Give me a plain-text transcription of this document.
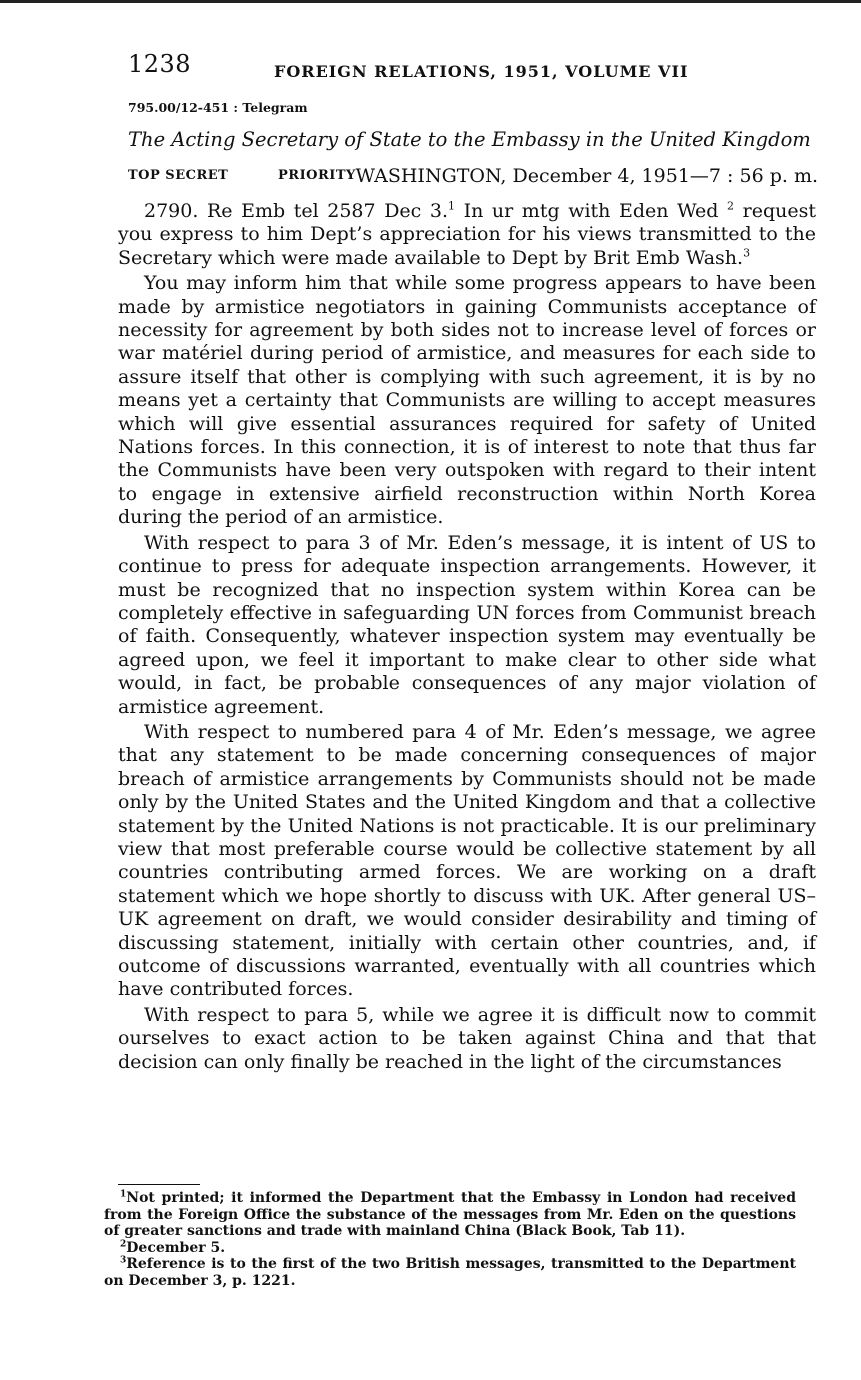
1238	FOREIGN RELATIONS, 1951, VOLUME VII
795.00/12-451 : Telegram
The Acting Secretary of State to the Embassy in the United Kingdom
TOP SECRET	PRIORITY WASHINGTON, December 4, 1951—7 : 56 p. m.

2790. Re Emb tel 2587 Dec 3.$^1$ In ur mtg with Eden Wed $^2$ request you express to him Dept’s appreciation for his views transmitted to the Secretary which were made available to Dept by Brit Emb Wash.$^3$

You may inform him that while some progress appears to have been made by armistice negotiators in gaining Communists acceptance of necessity for agreement by both sides not to increase level of forces or war matériel during period of armistice, and measures for each side to assure itself that other is complying with such agreement, it is by no means yet a certainty that Communists are willing to accept measures which will give essential assurances required for safety of United Nations forces. In this connection, it is of interest to note that thus far the Communists have been very outspoken with regard to their intent to engage in extensive airfield reconstruction within North Korea during the period of an armistice.

With respect to para 3 of Mr. Eden’s message, it is intent of US to continue to press for adequate inspection arrangements. However, it must be recognized that no inspection system within Korea can be completely effective in safeguarding UN forces from Communist breach of faith. Consequently, whatever inspection system may eventually be agreed upon, we feel it important to make clear to other side what would, in fact, be probable consequences of any major violation of armistice agreement.

With respect to numbered para 4 of Mr. Eden’s message, we agree that any statement to be made concerning consequences of major breach of armistice arrangements by Communists should not be made only by the United States and the United Kingdom and that a collective statement by the United Nations is not practicable. It is our preliminary view that most preferable course would be collective statement by all countries contributing armed forces. We are working on a draft statement which we hope shortly to discuss with UK. After general US–UK agreement on draft, we would consider desirability and timing of discussing statement, initially with certain other countries, and, if outcome of discussions warranted, eventually with all countries which have contributed forces.

With respect to para 5, while we agree it is difficult now to commit ourselves to exact action to be taken against China and that that decision can only finally be reached in the light of the circumstances

$^1$Not printed; it informed the Department that the Embassy in London had received from the Foreign Office the substance of the messages from Mr. Eden on the questions of greater sanctions and trade with mainland China (Black Book, Tab 11).

$^2$December 5.

$^3$Reference is to the first of the two British messages, transmitted to the Department on December 3, p. 1221.
